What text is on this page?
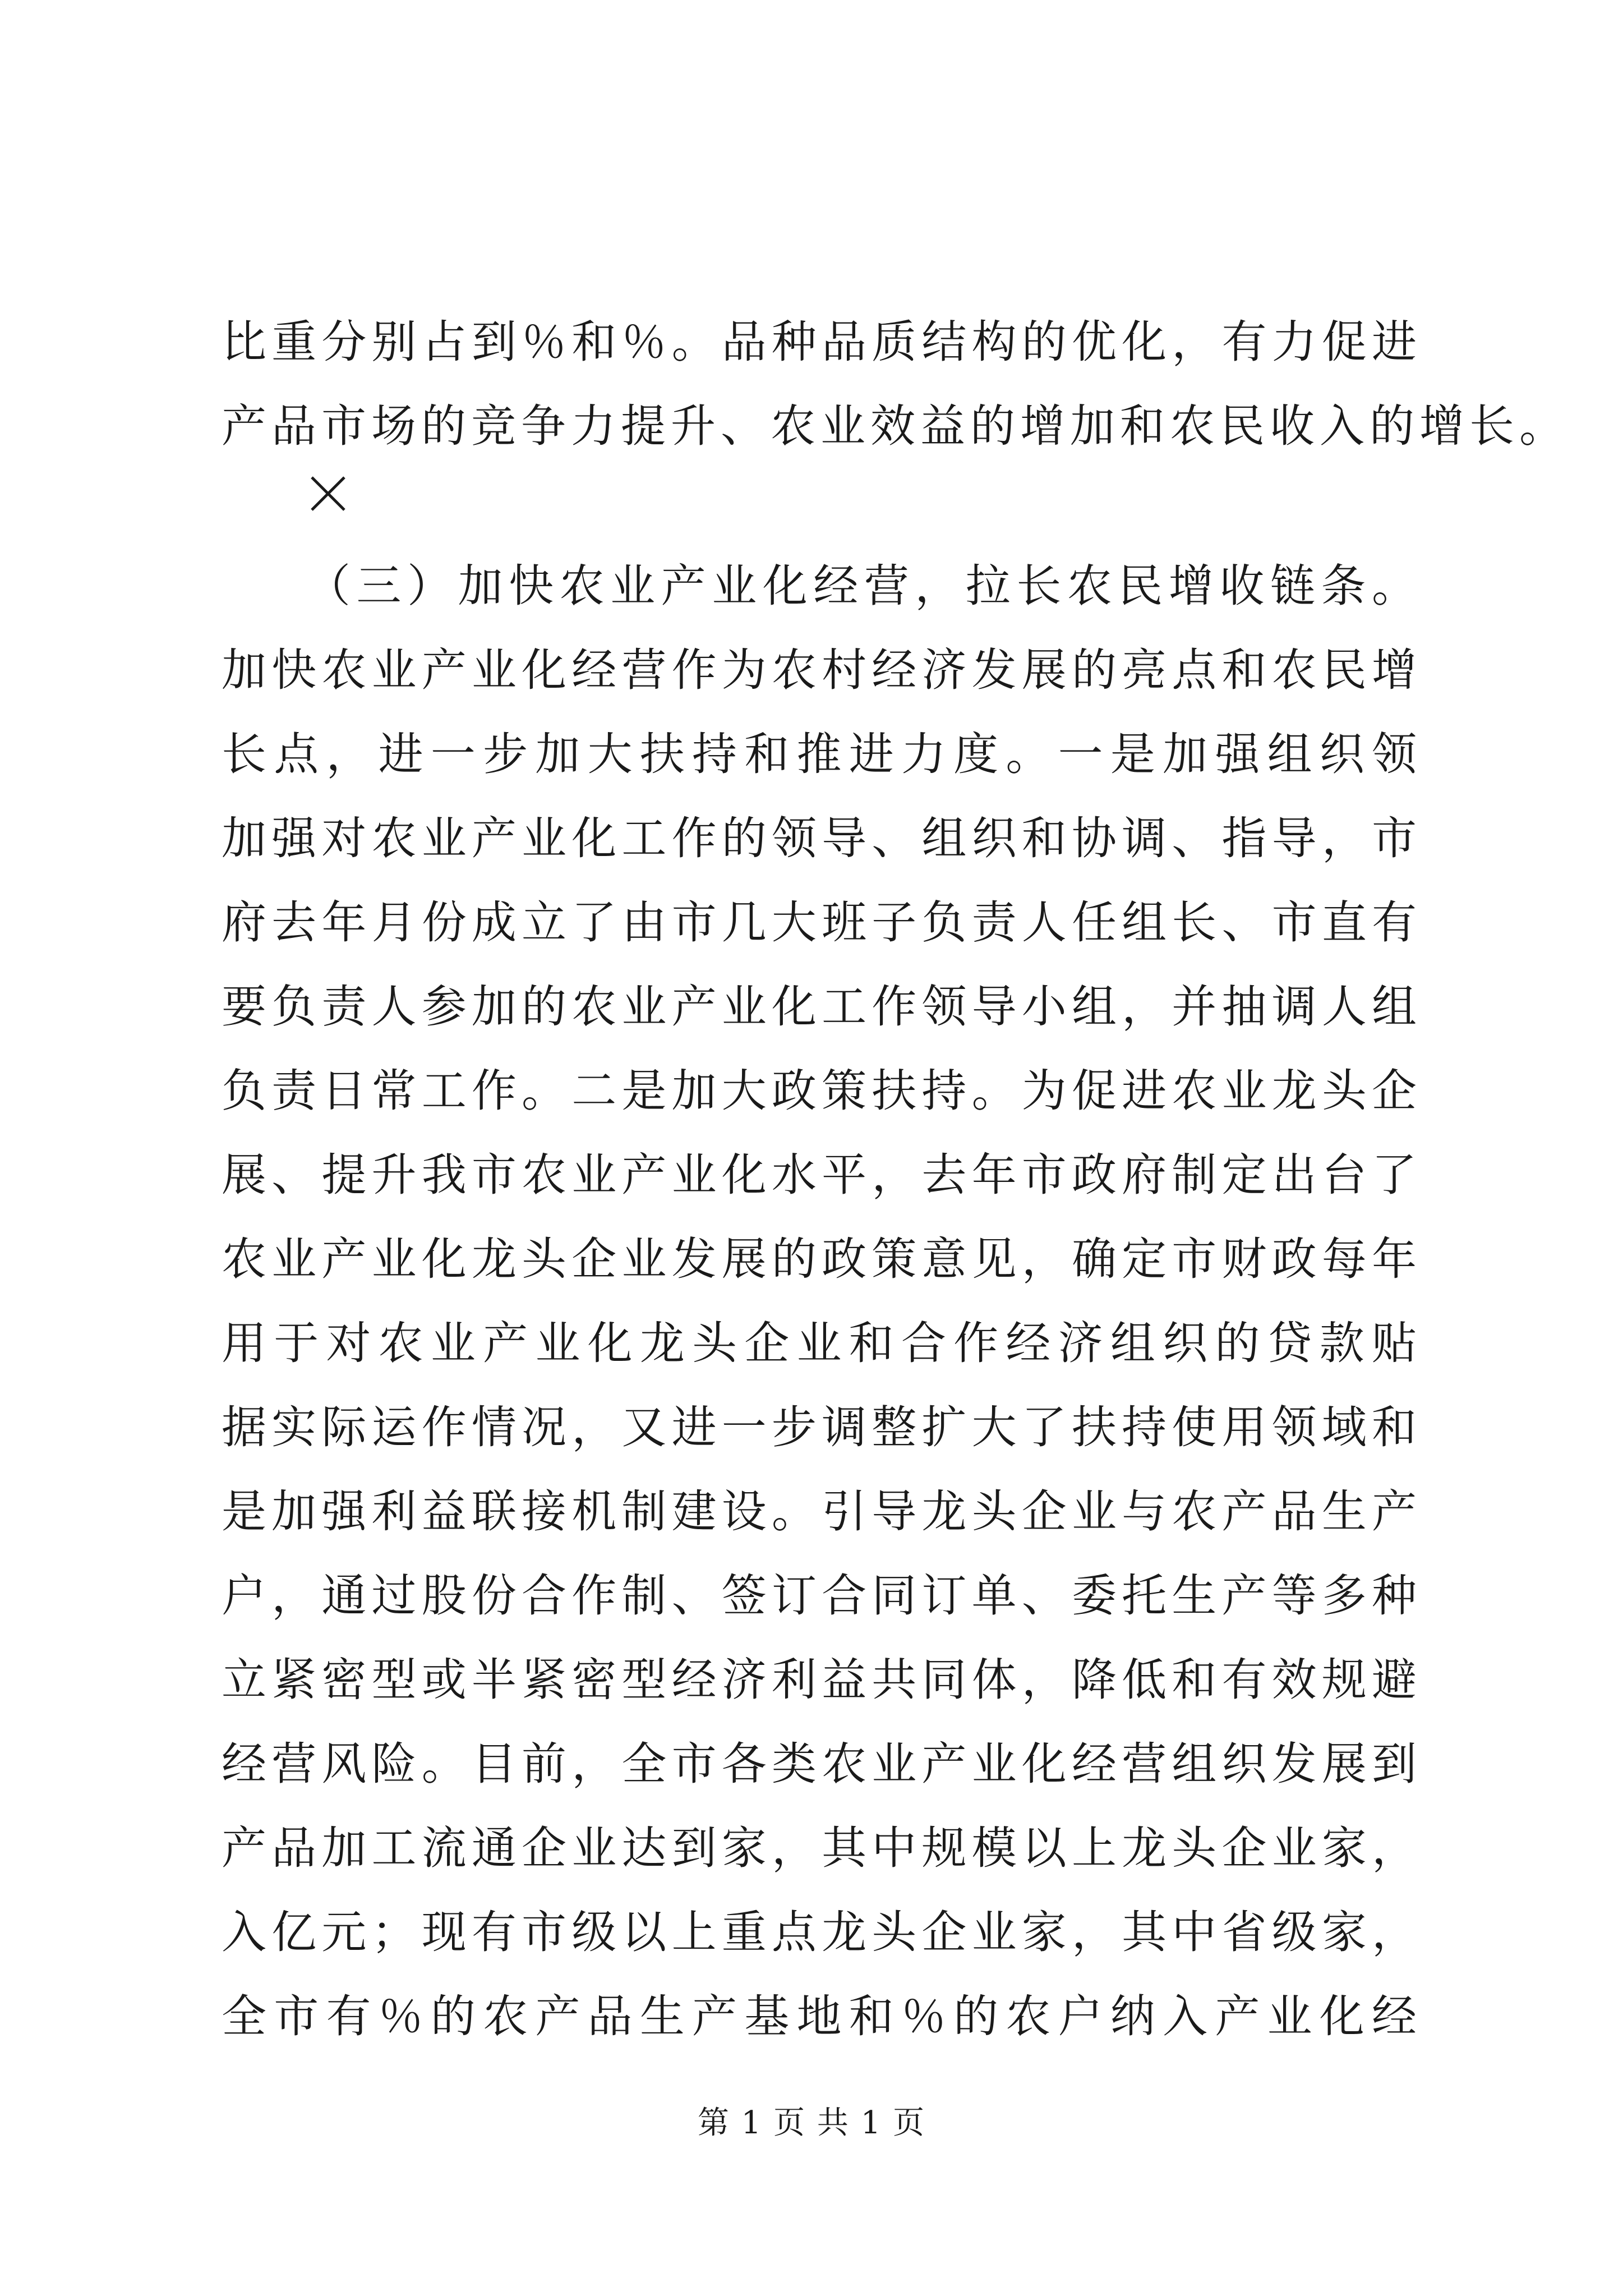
比重分别占到％和％。品种品质结构的优化，有力促进
产品市场的竞争力提升、农业效益的增加和农民收入的增长。
（三）加快农业产业化经营，拉长农民增收链条。
加快农业产业化经营作为农村经济发展的亮点和农民增
长点，进一步加大扶持和推进力度。一是加强组织领
加强对农业产业化工作的领导、组织和协调、指导，市
府去年月份成立了由市几大班子负责人任组长、市直有
要负责人参加的农业产业化工作领导小组，并抽调人组
负责日常工作。二是加大政策扶持。为促进农业龙头企
展、提升我市农业产业化水平，去年市政府制定出台了
农业产业化龙头企业发展的政策意见，确定市财政每年
用于对农业产业化龙头企业和合作经济组织的贷款贴
据实际运作情况，又进一步调整扩大了扶持使用领域和
是加强利益联接机制建设。引导龙头企业与农产品生产
户，通过股份合作制、签订合同订单、委托生产等多种
立紧密型或半紧密型经济利益共同体，降低和有效规避
经营风险。目前，全市各类农业产业化经营组织发展到
产品加工流通企业达到家，其中规模以上龙头企业家，
入亿元；现有市级以上重点龙头企业家，其中省级家，
全市有％的农产品生产基地和％的农户纳入产业化经
第 1 页 共 1 页
